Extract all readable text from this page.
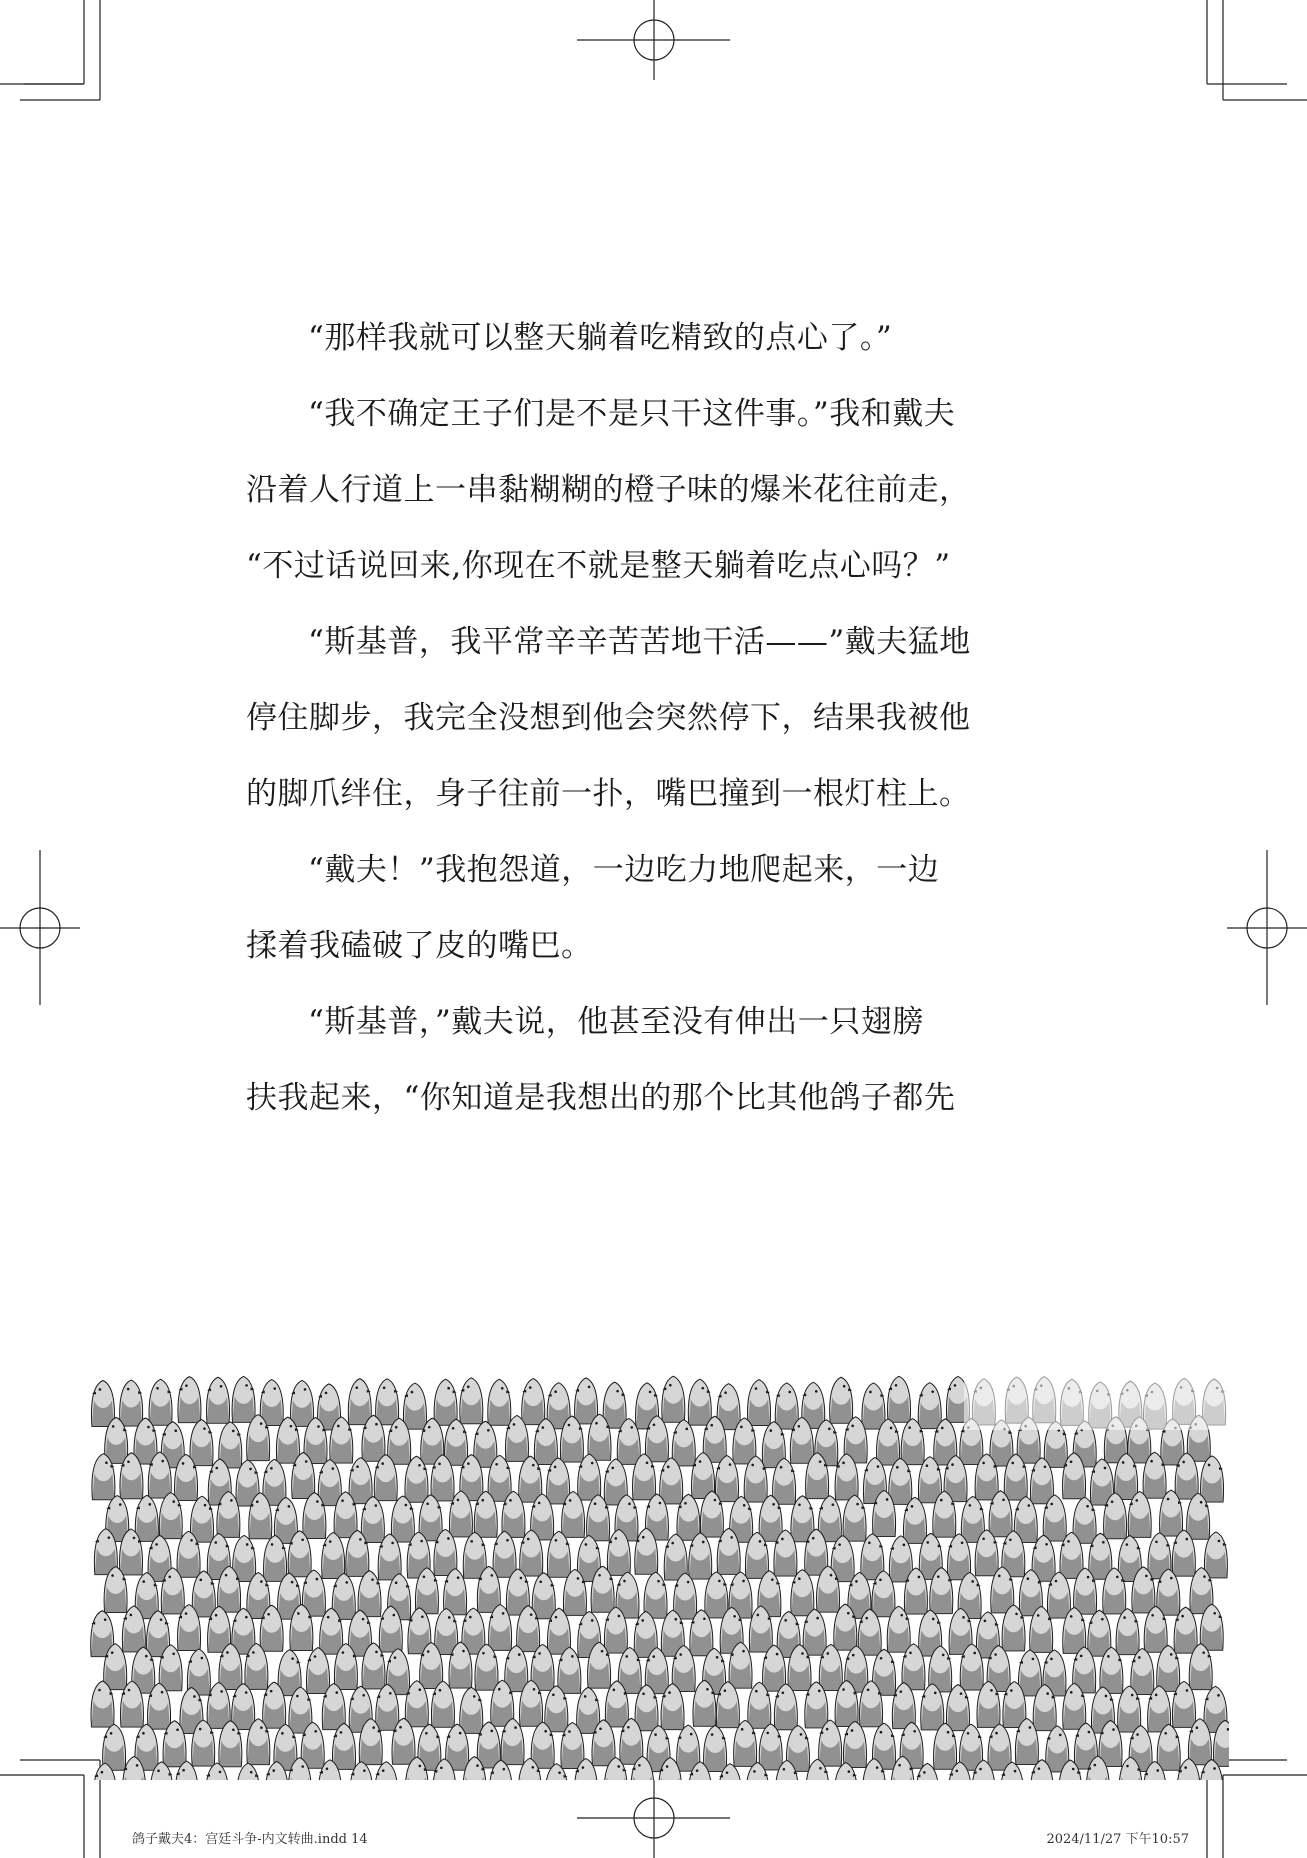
“那样我就可以整天躺着吃精致的点心了。”

“我不确定王子们是不是只干这件事。”我和戴夫

沿着人行道上一串黏糊糊的橙子味的爆米花往前走，

“不过话说回来,你现在不就是整天躺着吃点心吗？”

“斯基普，我平常辛辛苦苦地干活——”戴夫猛地

停住脚步，我完全没想到他会突然停下，结果我被他

的脚爪绊住，身子往前一扑，嘴巴撞到一根灯柱上。

“戴夫！”我抱怨道，一边吃力地爬起来，一边

揉着我磕破了皮的嘴巴。

“斯基普，”戴夫说，他甚至没有伸出一只翅膀

扶我起来，“你知道是我想出的那个比其他鸽子都先

鸽子戴夫4：宫廷斗争-内文转曲.indd 14	2024/11/27 下午10:57
